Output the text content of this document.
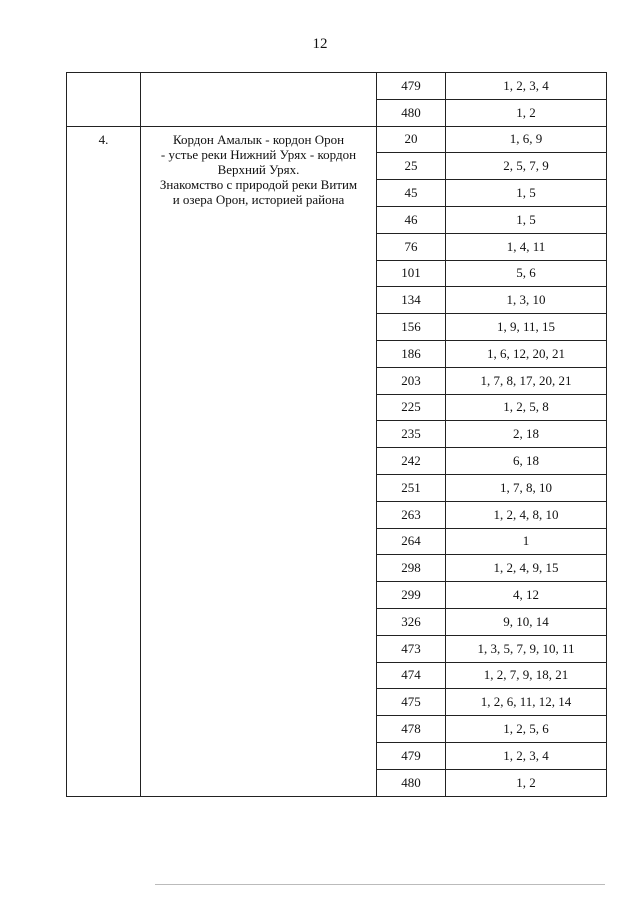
12
		479	1, 2, 3, 4
		480	1, 2
4.	Кордон Амалык - кордон Орон
- устье реки Нижний Урях - кордон
Верхний Урях.
Знакомство с природой реки Витим
и озера Орон, историей района	20	1, 6, 9
		25	2, 5, 7, 9
		45	1, 5
		46	1, 5
		76	1, 4, 11
		101	5, 6
		134	1, 3, 10
		156	1, 9, 11, 15
		186	1, 6, 12, 20, 21
		203	1, 7, 8, 17, 20, 21
		225	1, 2, 5, 8
		235	2, 18
		242	6, 18
		251	1, 7, 8, 10
		263	1, 2, 4, 8, 10
		264	1
		298	1, 2, 4, 9, 15
		299	4, 12
		326	9, 10, 14
		473	1, 3, 5, 7, 9, 10, 11
		474	1, 2, 7, 9, 18, 21
		475	1, 2, 6, 11, 12, 14
		478	1, 2, 5, 6
		479	1, 2, 3, 4
		480	1, 2
